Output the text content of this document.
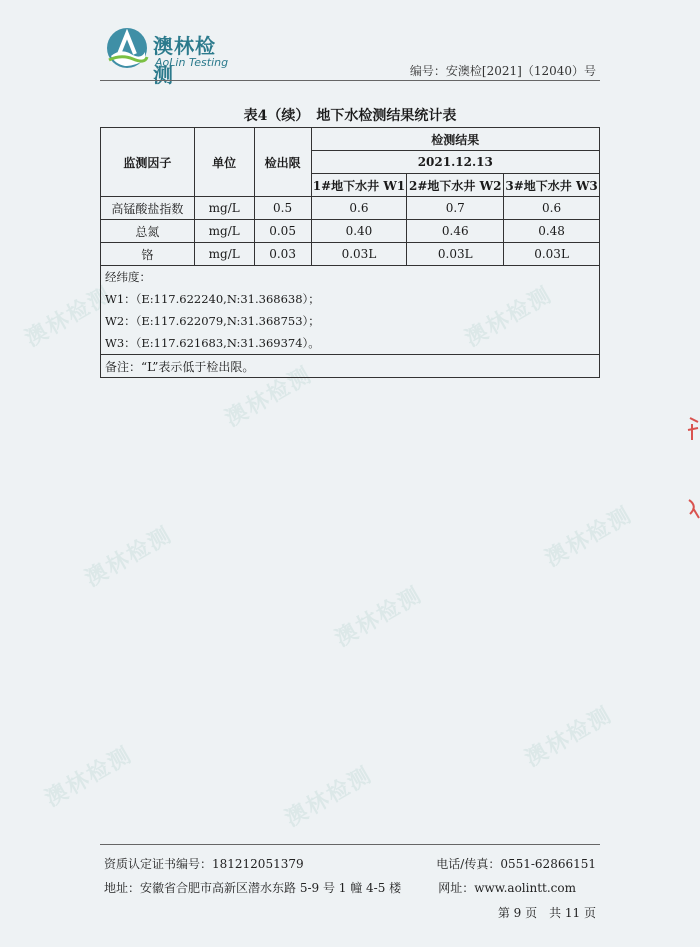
澳林检测
澳林检测
澳林检测
澳林检测
澳林检测
澳林检测
澳林检测	澳林检测
澳林检测
澳林检测
AoLin Testing
编号：安澳检[2021]（12040）号
表4（续）　地下水检测结果统计表
监测因子	单位	检出限	检测结果		
			2021.12.13		
			1#地下水井 W1	2#地下水井 W2	3#地下水井 W3
高锰酸盐指数	mg/L	0.5	0.6	0.7	0.6
总氮	mg/L	0.05	0.40	0.46	0.48
铬	mg/L	0.03	0.03L	0.03L	0.03L

经纬度：
W1：（E:117.622240,N:31.368638）；
W2：（E:117.622079,N:31.368753）；
W3：（E:117.621683,N:31.369374）。					

备注：“L”表示低于检出限。					
资质认定证书编号：181212051379	电话/传真：0551-62866151
地址：安徽省合肥市高新区潜水东路 5-9 号 1 幢 4-5 楼	网址：www.aolintt.com
第 9 页　共 11 页
